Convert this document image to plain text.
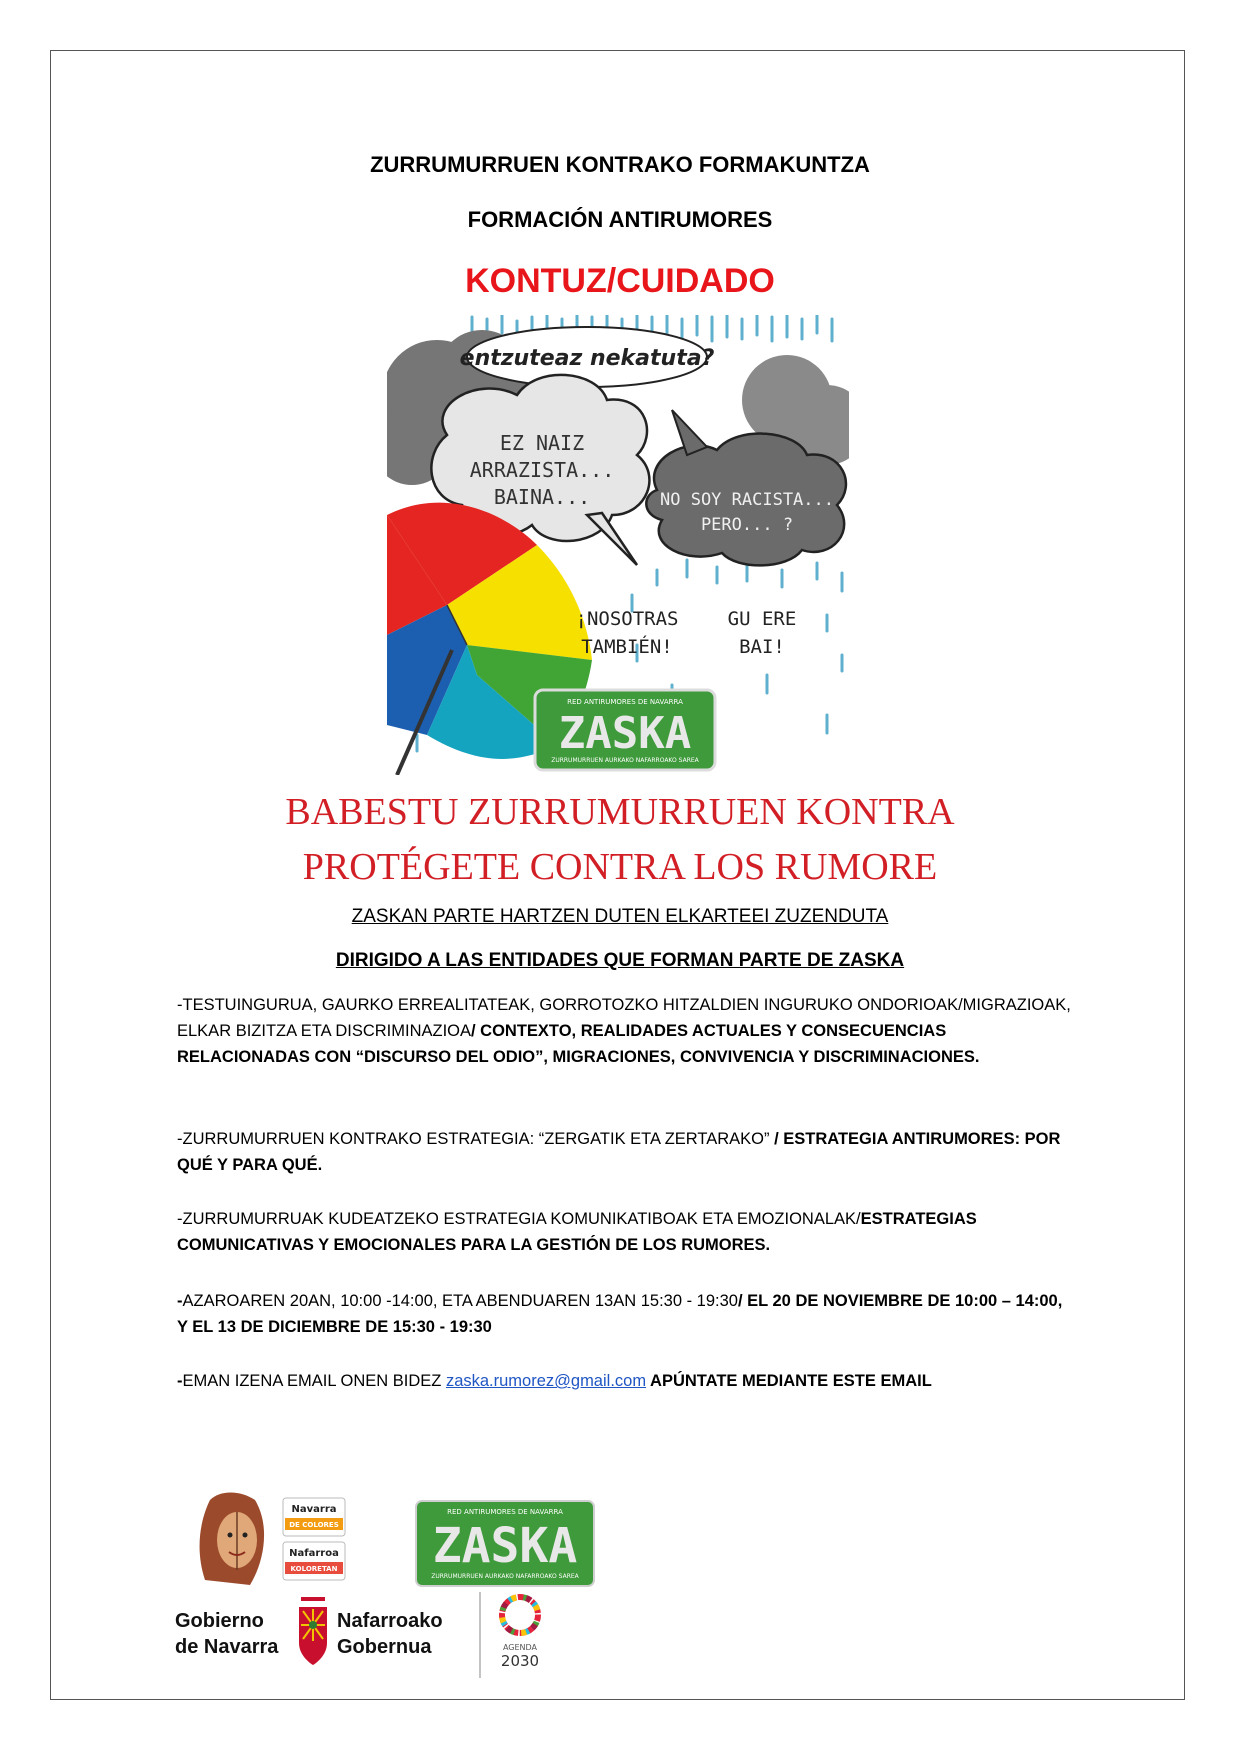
ZURRUMURRUEN KONTRAKO FORMAKUNTZA
FORMACIÓN ANTIRUMORES
KONTUZ/CUIDADO
entzuteaz nekatuta?
EZ NAIZ
ARRAZISTA...
BAINA...	NO SOY RACISTA...
PERO... ?
¡NOSOTRAS
TAMBIÉN!
GU ERE
BAI!
RED ANTIRUMORES DE NAVARRA
ZASKA
ZURRUMURRUEN AURKAKO NAFARROAKO SAREA
BABESTU ZURRUMURRUEN KONTRA
PROTÉGETE CONTRA LOS RUMORE
ZASKAN PARTE HARTZEN DUTEN ELKARTEEI ZUZENDUTA
DIRIGIDO A LAS ENTIDADES QUE FORMAN PARTE DE ZASKA
-TESTUINGURUA, GAURKO ERREALITATEAK, GORROTOZKO HITZALDIEN INGURUKO ONDORIOAK/MIGRAZIOAK, ELKAR BIZITZA ETA DISCRIMINAZIOA/ CONTEXTO, REALIDADES ACTUALES Y CONSECUENCIAS RELACIONADAS CON “DISCURSO DEL ODIO”, MIGRACIONES, CONVIVENCIA Y DISCRIMINACIONES.
-ZURRUMURRUEN KONTRAKO ESTRATEGIA: “ZERGATIK ETA ZERTARAKO” / ESTRATEGIA ANTIRUMORES: POR QUÉ Y PARA QUÉ.
-ZURRUMURRUAK KUDEATZEKO ESTRATEGIA KOMUNIKATIBOAK ETA EMOZIONALAK/ESTRATEGIAS COMUNICATIVAS Y EMOCIONALES PARA LA GESTIÓN DE LOS RUMORES.
-AZAROAREN 20AN, 10:00 -14:00, ETA ABENDUAREN 13AN 15:30 - 19:30/ EL 20 DE NOVIEMBRE DE 10:00 – 14:00, Y EL 13 DE DICIEMBRE DE 15:30 - 19:30
-EMAN IZENA EMAIL ONEN BIDEZ zaska.rumorez@gmail.com APÚNTATE MEDIANTE ESTE EMAIL
Navarra
DE COLORES
Nafarroa
KOLORETAN
RED ANTIRUMORES DE NAVARRA
ZASKA
ZURRUMURRUEN AURKAKO NAFARROAKO SAREA
Gobierno
de Navarra
Nafarroako
Gobernua	AGENDA
2030
